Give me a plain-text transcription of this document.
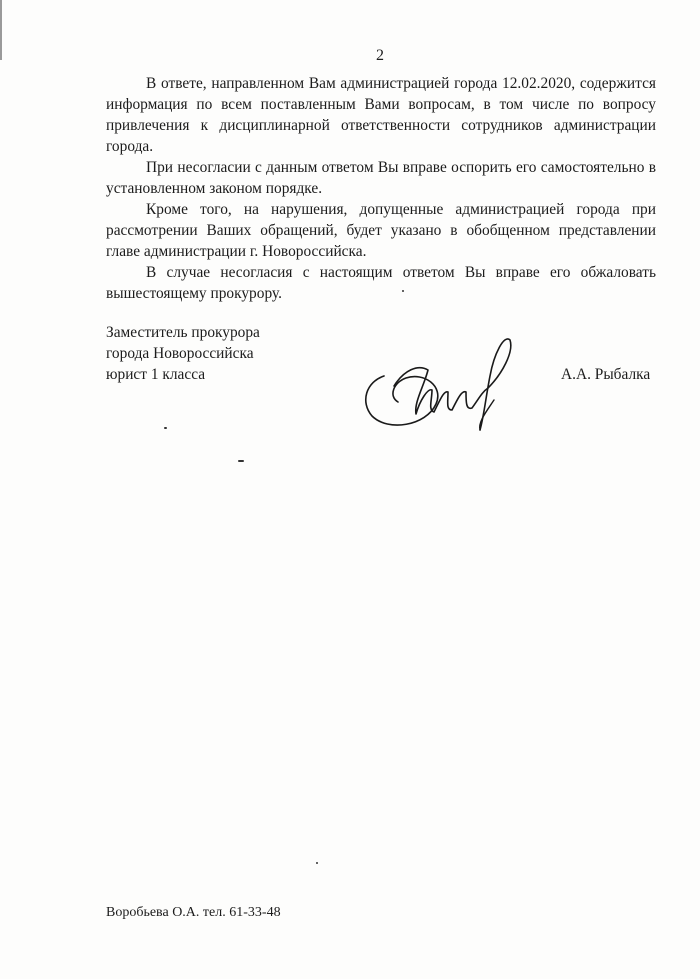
2

В ответе, направленном Вам администрацией города 12.02.2020, содержится информация по всем поставленным Вами вопросам, в том числе по вопросу привлечения к дисциплинарной ответственности сотрудников администрации города.

При несогласии с данным ответом Вы вправе оспорить его самостоятельно в установленном законом порядке.

Кроме того, на нарушения, допущенные администрацией города при рассмотрении Ваших обращений, будет указано в обобщенном представлении главе администрации г. Новороссийска.

В случае несогласия с настоящим ответом Вы вправе его обжаловать вышестоящему прокурору.

Заместитель прокурора
города Новороссийска
юрист 1 класса	А.А. Рыбалка
Воробьева О.А. тел. 61-33-48
